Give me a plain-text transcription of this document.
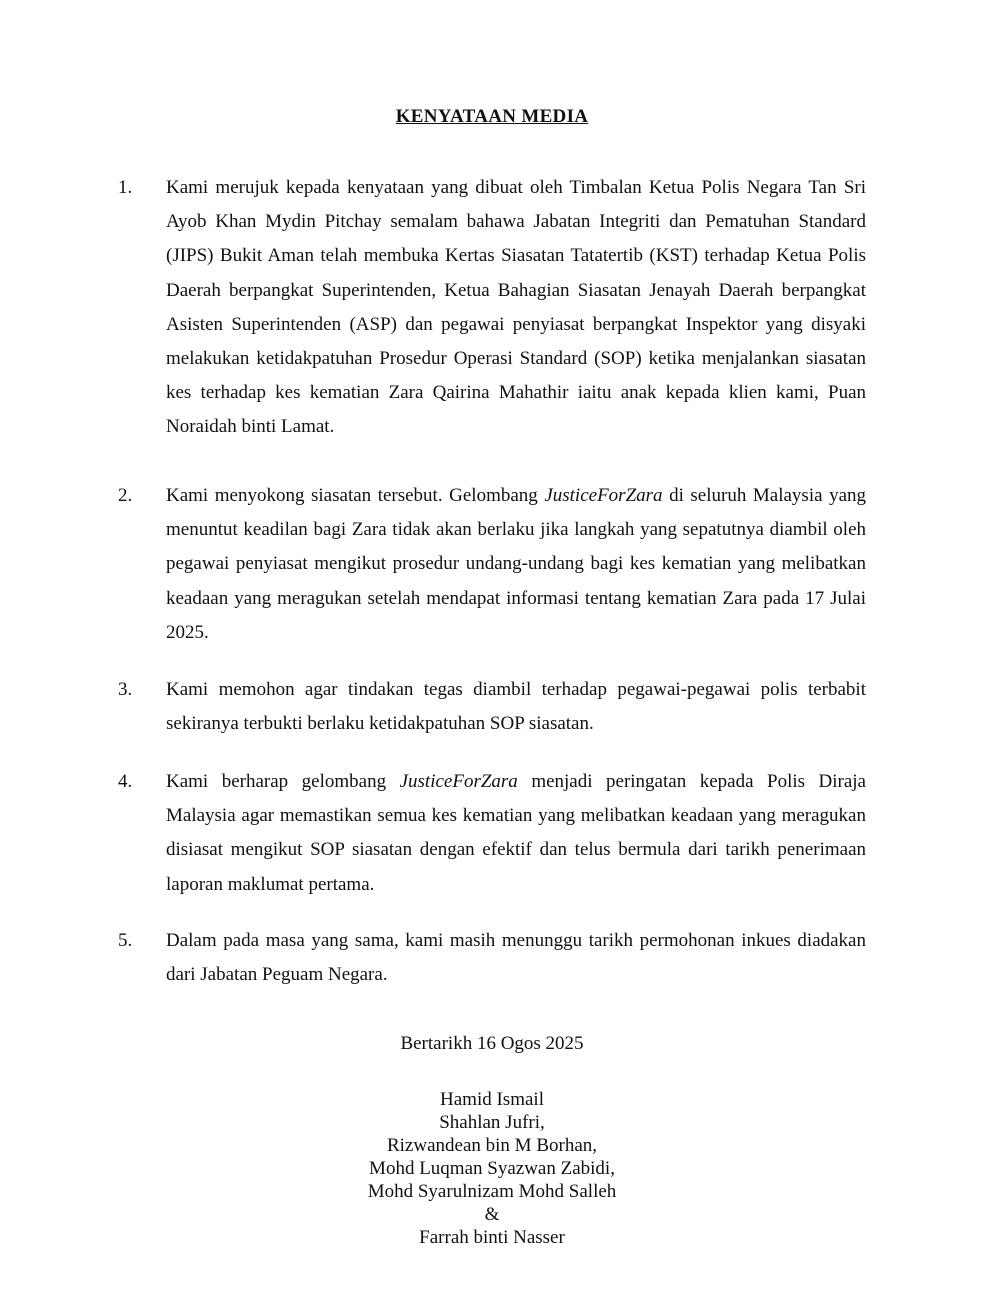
KENYATAAN MEDIA
1.	Kami merujuk kepada kenyataan yang dibuat oleh Timbalan Ketua Polis Negara Tan Sri Ayob Khan Mydin Pitchay semalam bahawa Jabatan Integriti dan Pematuhan Standard (JIPS) Bukit Aman telah membuka Kertas Siasatan Tatatertib (KST) terhadap Ketua Polis Daerah berpangkat Superintenden, Ketua Bahagian Siasatan Jenayah Daerah berpangkat Asisten Superintenden (ASP) dan pegawai penyiasat berpangkat Inspektor yang disyaki melakukan ketidakpatuhan Prosedur Operasi Standard (SOP) ketika menjalankan siasatan kes terhadap kes kematian Zara Qairina Mahathir iaitu anak kepada klien kami, Puan Noraidah binti Lamat.
2.	Kami menyokong siasatan tersebut. Gelombang JusticeForZara di seluruh Malaysia yang menuntut keadilan bagi Zara tidak akan berlaku jika langkah yang sepatutnya diambil oleh pegawai penyiasat mengikut prosedur undang-undang bagi kes kematian yang melibatkan keadaan yang meragukan setelah mendapat informasi tentang kematian Zara pada 17 Julai 2025.
3.	Kami memohon agar tindakan tegas diambil terhadap pegawai-pegawai polis terbabit sekiranya terbukti berlaku ketidakpatuhan SOP siasatan.
4.	Kami berharap gelombang JusticeForZara menjadi peringatan kepada Polis Diraja Malaysia agar memastikan semua kes kematian yang melibatkan keadaan yang meragukan disiasat mengikut SOP siasatan dengan efektif dan telus bermula dari tarikh penerimaan laporan maklumat pertama.
5.	Dalam pada masa yang sama, kami masih menunggu tarikh permohonan inkues diadakan dari Jabatan Peguam Negara.
Bertarikh 16 Ogos 2025
Hamid Ismail
Shahlan Jufri,
Rizwandean bin M Borhan,
Mohd Luqman Syazwan Zabidi,
Mohd Syarulnizam Mohd Salleh
&
Farrah binti Nasser
